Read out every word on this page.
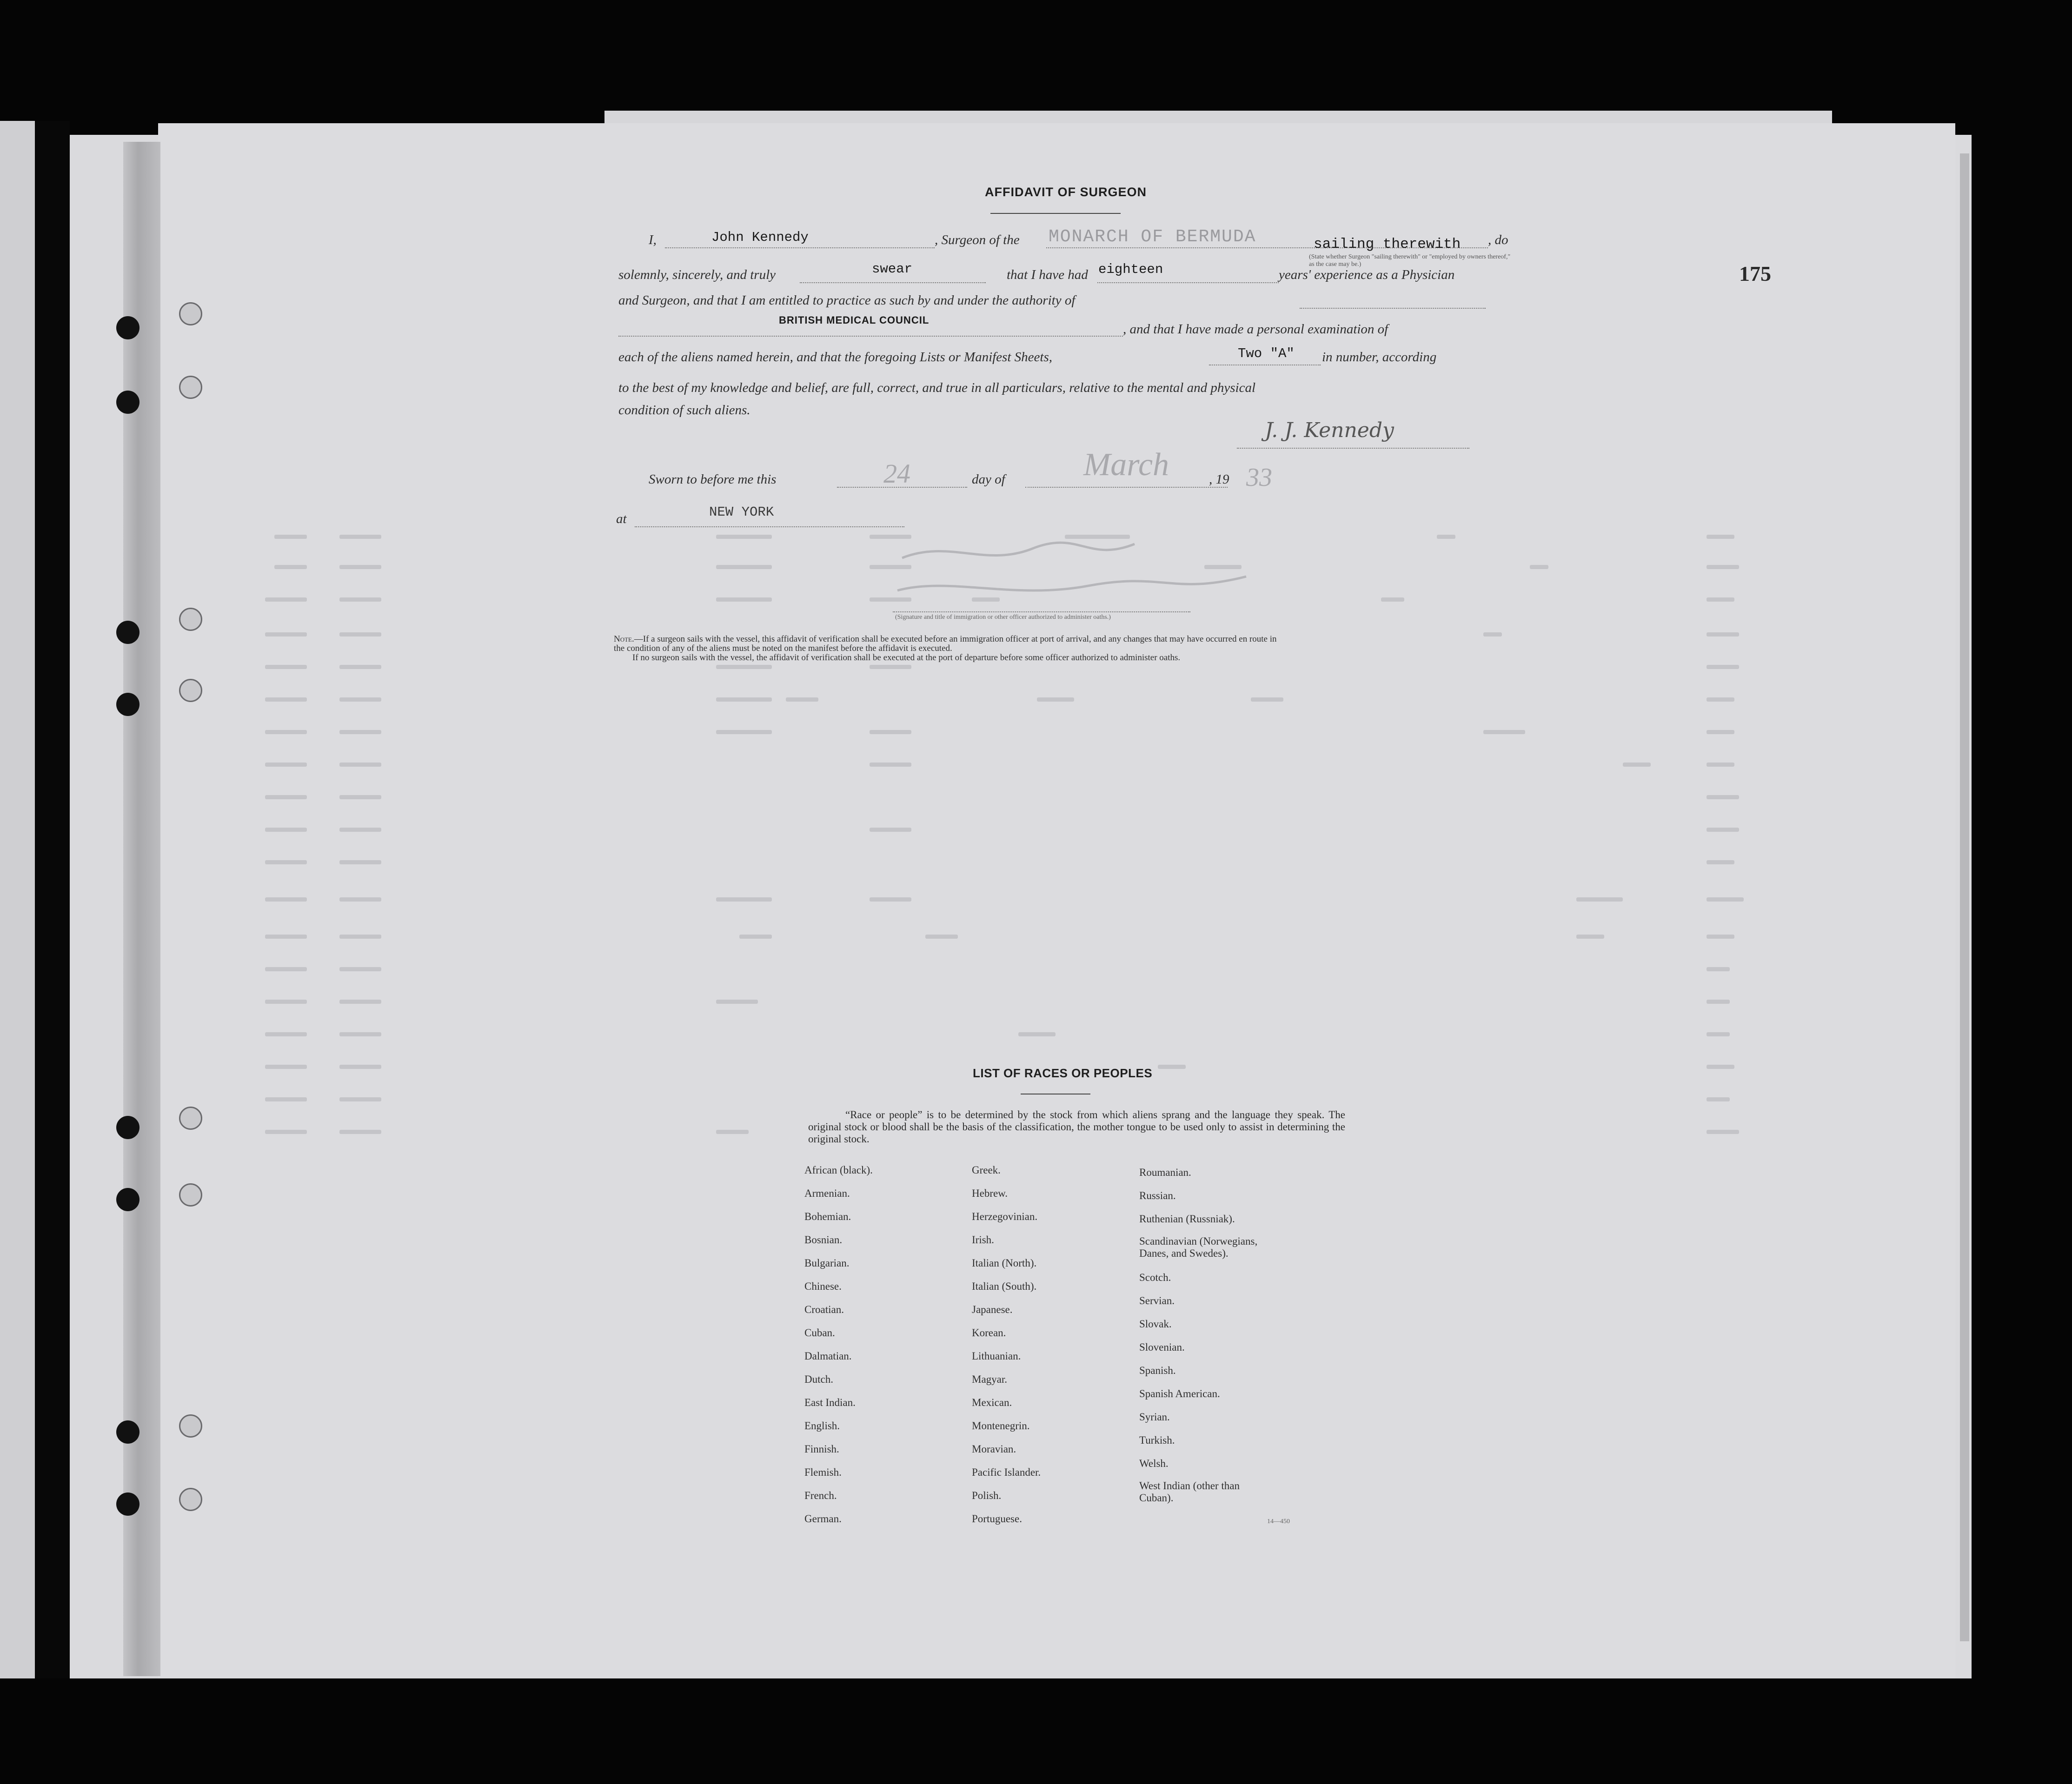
175
AFFIDAVIT OF SURGEON
I,	John Kennedy	, Surgeon of the MONARCH OF BERMUDA	sailing therewith , do
(State whether Surgeon "sailing therewith" or "employed by owners thereof," as the case may be.)
solemnly, sincerely, and truly	swear	that I have had eighteen	years' experience as a Physician
and Surgeon, and that I am entitled to practice as such by and under the authority of
BRITISH MEDICAL COUNCIL
, and that I have made a personal examination of
each of the aliens named herein, and that the foregoing Lists or Manifest Sheets,	Two "A" in number, according
to the best of my knowledge and belief, are full, correct, and true in all particulars, relative to the mental and physical
condition of such aliens.
J. J. Kennedy
Sworn to before me this	24	day of March	, 19 33
at	NEW YORK
(Signature and title of immigration or other officer authorized to administer oaths.)
Note.—If a surgeon sails with the vessel, this affidavit of verification shall be executed before an immigration officer at port of arrival, and any changes that may have occurred en route in
the condition of any of the aliens must be noted on the manifest before the affidavit is executed.
If no surgeon sails with the vessel, the affidavit of verification shall be executed at the port of departure before some officer authorized to administer oaths.
LIST OF RACES OR PEOPLES
“Race or people” is to be determined by the stock from which aliens sprang and the language they speak. The original stock or blood shall be the basis of the classification, the mother tongue to be used only to assist in determining the original stock.
African (black).
Armenian.
Bohemian.
Bosnian.
Bulgarian.
Chinese.
Croatian.
Cuban.
Dalmatian.
Dutch.
East Indian.
English.
Finnish.
Flemish.
French.
German.
Greek.
Hebrew.
Herzegovinian.
Irish.
Italian (North).
Italian (South).
Japanese.
Korean.
Lithuanian.
Magyar.
Mexican.
Montenegrin.
Moravian.
Pacific Islander.
Polish.
Portuguese.
Roumanian.
Russian.
Ruthenian (Russniak).
Scandinavian (Norwegians,
Danes, and Swedes).
Scotch.
Servian.
Slovak.
Slovenian.
Spanish.
Spanish American.
Syrian.
Turkish.
Welsh.
West Indian (other than
Cuban).
14—450
